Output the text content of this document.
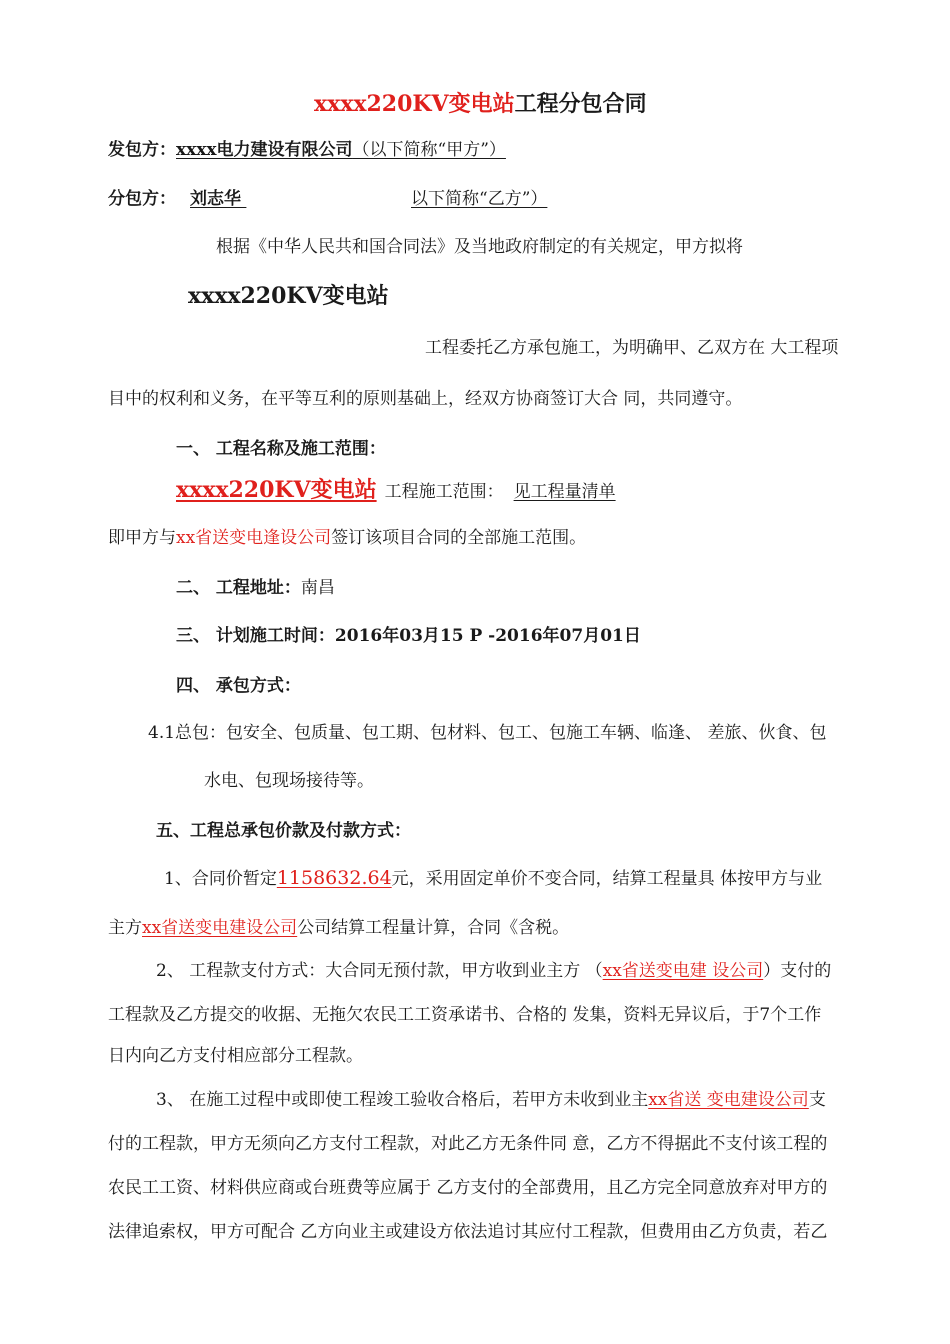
xxxx220KV变电站工程分包合同
发包方：xxxx电力建设有限公司（以下简称“甲方”）
分包方： 刘志华	以下简称“乙方”）
根据《中华人民共和国合同法》及当地政府制定的有关规定，甲方拟将
xxxx220KV变电站
工程委托乙方承包施工，为明确甲、乙双方在 大工程项
目中的权利和义务，在平等互利的原则基础上，经双方协商签订大合 同，共同遵守。
一、 工程名称及施工范围：
xxxx220KV变电站 工程施工范围： 见工程量清单
即甲方与xx省送变电逢设公司签订该项目合同的全部施工范围。
二、 工程地址：南昌
三、 计划施工时间：2016年03月15 P -2016年07月01日
四、 承包方式：
4.1总包：包安全、包质量、包工期、包材料、包工、包施工车辆、临逢、 差旅、伙食、包
水电、包现场接待等。
五、工程总承包价款及付款方式：
1、合同价暂定1158632.64元，采用固定单价不变合同，结算工程量具 体按甲方与业
主方xx省送变电建设公司公司结算工程量计算，合同《含税。
2、 工程款支付方式：大合同无预付款，甲方收到业主方 （xx省送变电建 设公司）支付的
工程款及乙方提交的收据、无拖欠农民工工资承诺书、合格的 发集，资料无异议后，于7个工作
日内向乙方支付相应部分工程款。
3、 在施工过程中或即使工程竣工验收合格后，若甲方未收到业主xx省送 变电建设公司支
付的工程款，甲方无须向乙方支付工程款，对此乙方无条件同 意，乙方不得据此不支付该工程的
农民工工资、材料供应商或台班费等应属于 乙方支付的全部费用，且乙方完全同意放弃对甲方的
法律追索权，甲方可配合 乙方向业主或建设方依法追讨其应付工程款，但费用由乙方负责，若乙
